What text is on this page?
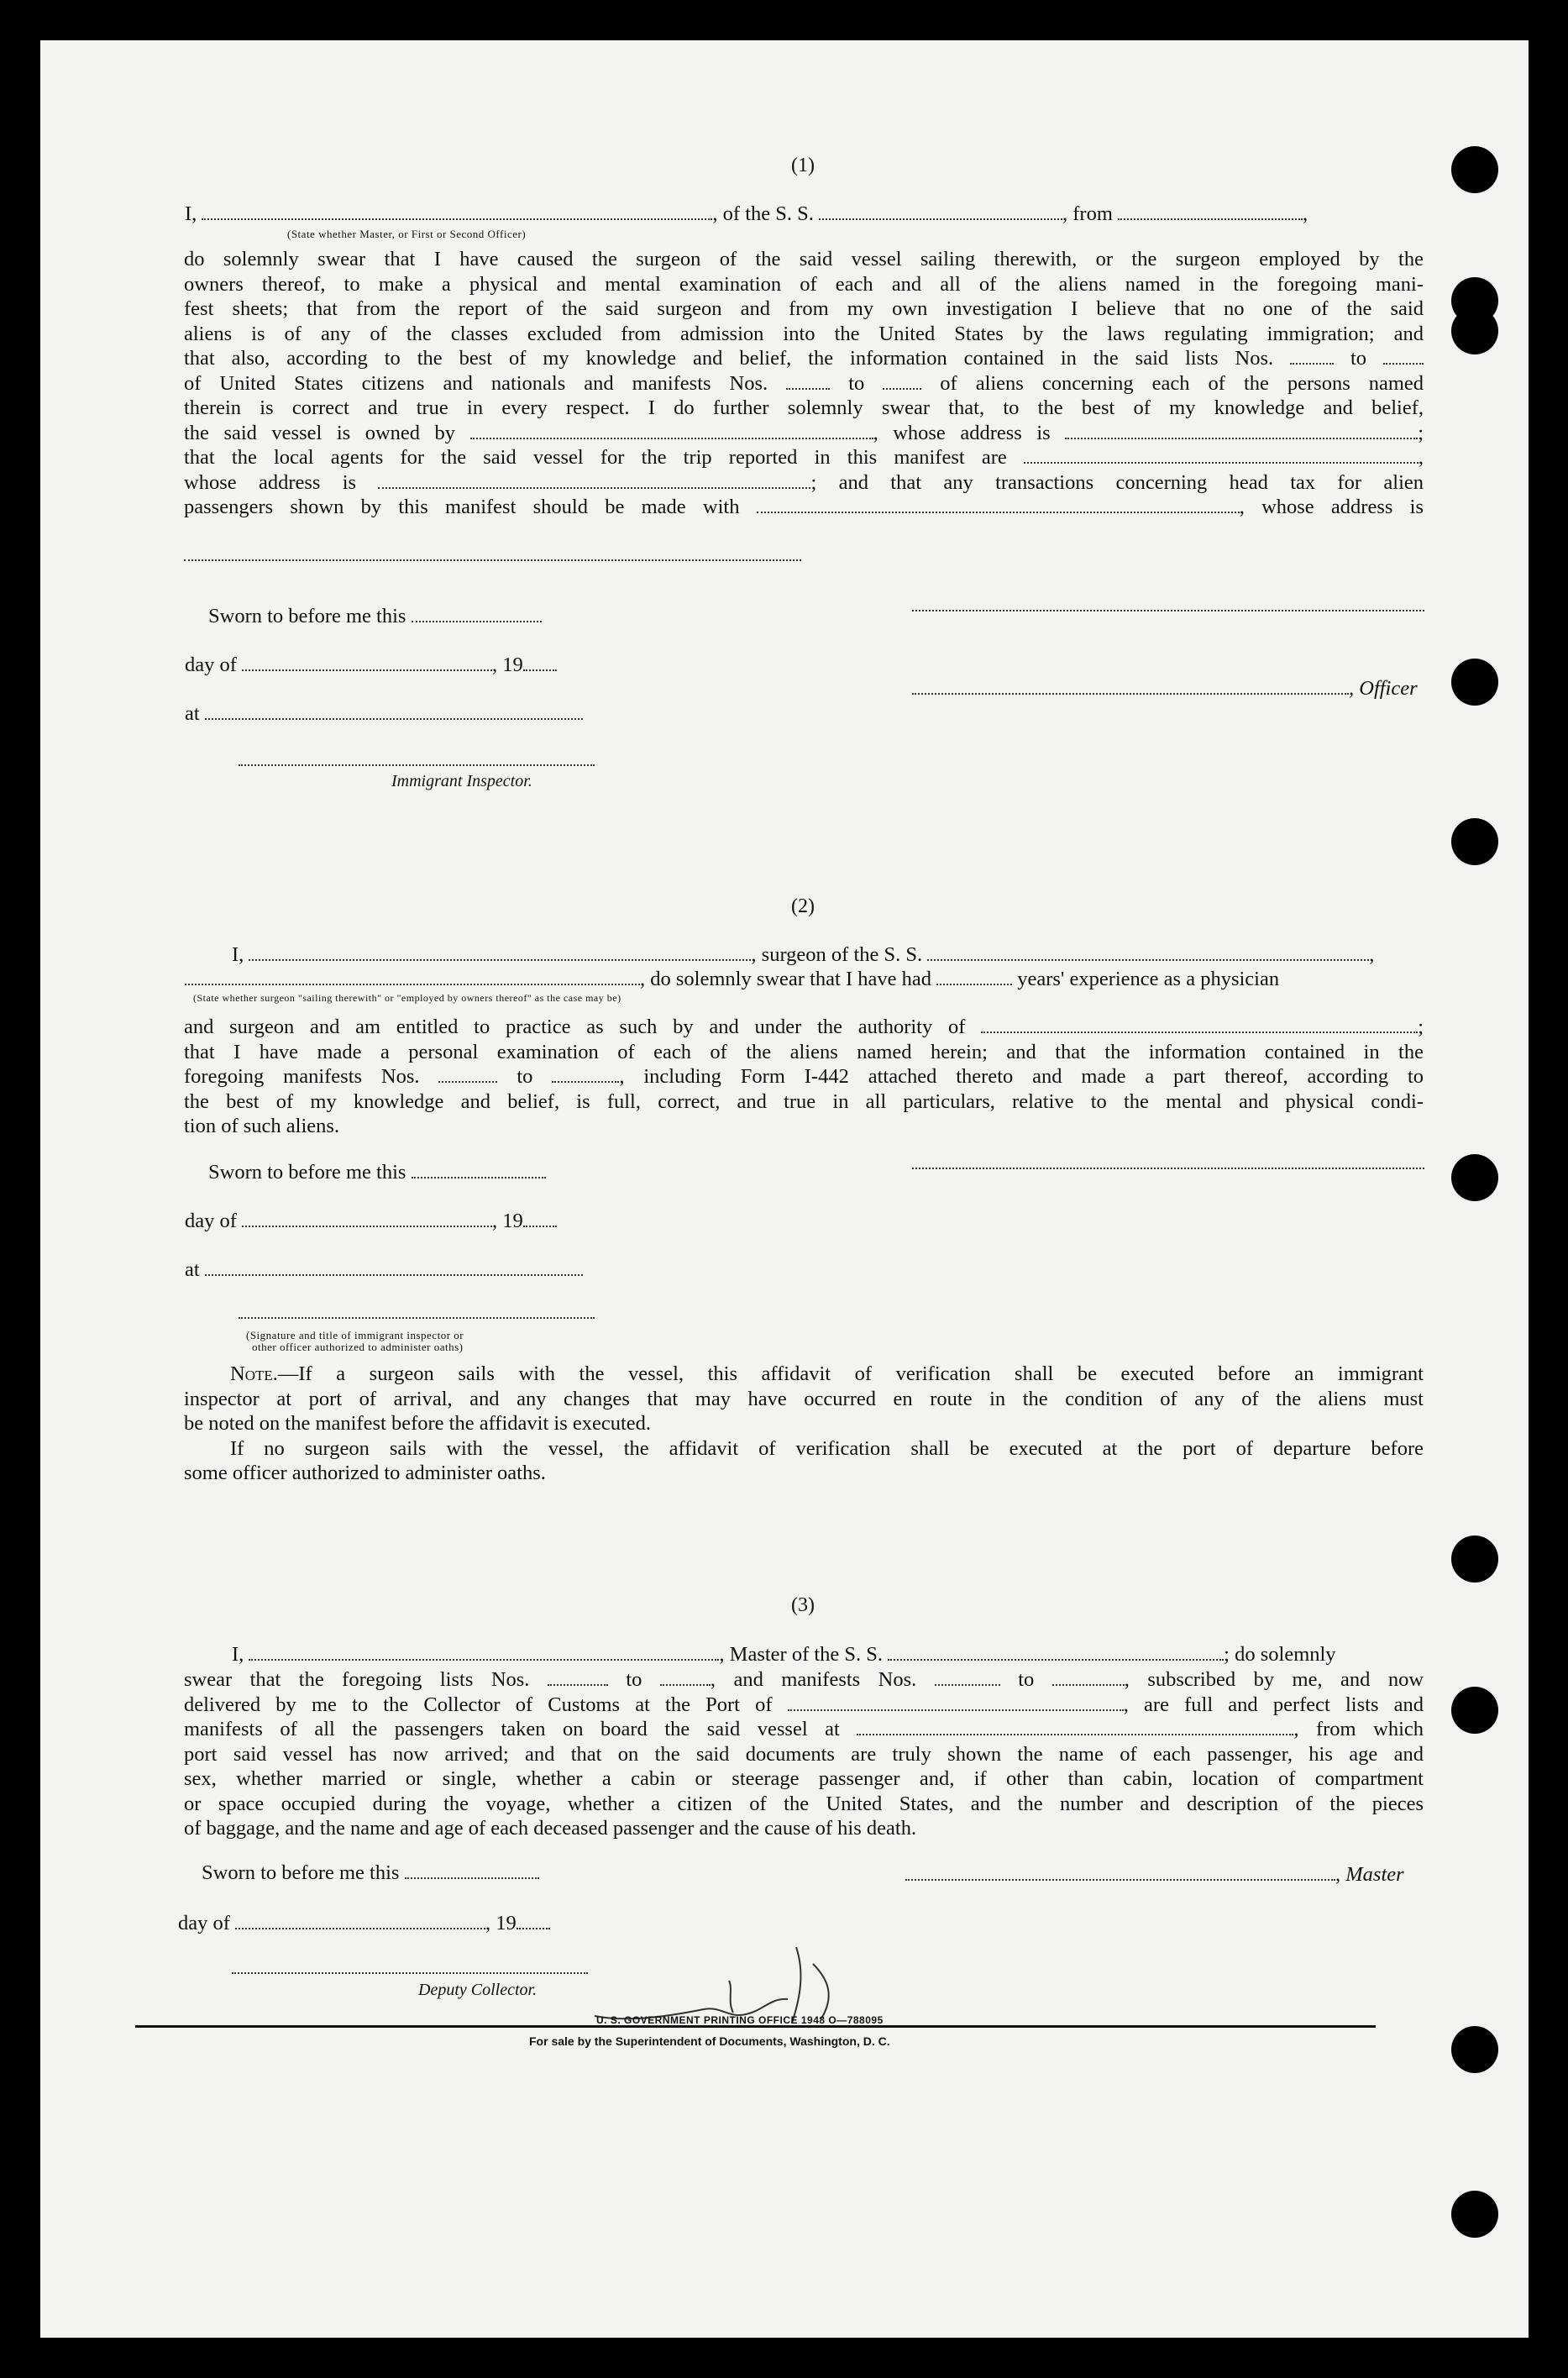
(1)
I,	, of the S. S.	, from	,
(State whether Master, or First or Second Officer)
do solemnly swear that I have caused the surgeon of the said vessel sailing therewith, or the surgeon employed by the
owners thereof, to make a physical and mental examination of each and all of the aliens named in the foregoing mani-
fest sheets; that from the report of the said surgeon and from my own investigation I believe that no one of the said
aliens is of any of the classes excluded from admission into the United States by the laws regulating immigration; and
that also, according to the best of my knowledge and belief, the information contained in the said lists Nos.	to
of United States citizens and nationals and manifests Nos.	to	of aliens concerning each of the persons named
therein is correct and true in every respect. I do further solemnly swear that, to the best of my knowledge and belief,
the said vessel is owned by	, whose address is	;
that the local agents for the said vessel for the trip reported in this manifest are	,
whose address is	; and that any transactions concerning head tax for alien
passengers shown by this manifest should be made with	, whose address is
Sworn to before me this
day of	, 19
, Officer
at
Immigrant Inspector.
(2)
I,	, surgeon of the S. S.	,
, do solemnly swear that I have had	years' experience as a physician
(State whether surgeon "sailing therewith" or "employed by owners thereof" as the case may be)
and surgeon and am entitled to practice as such by and under the authority of	;
that I have made a personal examination of each of the aliens named herein; and that the information contained in the
foregoing manifests Nos.	to	, including Form I-442 attached thereto and made a part thereof, according to
the best of my knowledge and belief, is full, correct, and true in all particulars, relative to the mental and physical condi-
tion of such aliens.
Sworn to before me this
day of	, 19
at
(Signature and title of immigrant inspector or
other officer authorized to administer oaths)
Note.—If a surgeon sails with the vessel, this affidavit of verification shall be executed before an immigrant
inspector at port of arrival, and any changes that may have occurred en route in the condition of any of the aliens must
be noted on the manifest before the affidavit is executed.
If no surgeon sails with the vessel, the affidavit of verification shall be executed at the port of departure before
some officer authorized to administer oaths.
(3)
I,	, Master of the S. S.	; do solemnly
swear that the foregoing lists Nos.	to	, and manifests Nos.	to	, subscribed by me, and now
delivered by me to the Collector of Customs at the Port of	, are full and perfect lists and
manifests of all the passengers taken on board the said vessel at	, from which
port said vessel has now arrived; and that on the said documents are truly shown the name of each passenger, his age and
sex, whether married or single, whether a cabin or steerage passenger and, if other than cabin, location of compartment
or space occupied during the voyage, whether a citizen of the United States, and the number and description of the pieces
of baggage, and the name and age of each deceased passenger and the cause of his death.
Sworn to before me this	, Master
day of	, 19
Deputy Collector.
U. S. GOVERNMENT PRINTING OFFICE 1948 O—788095
For sale by the Superintendent of Documents, Washington, D. C.
